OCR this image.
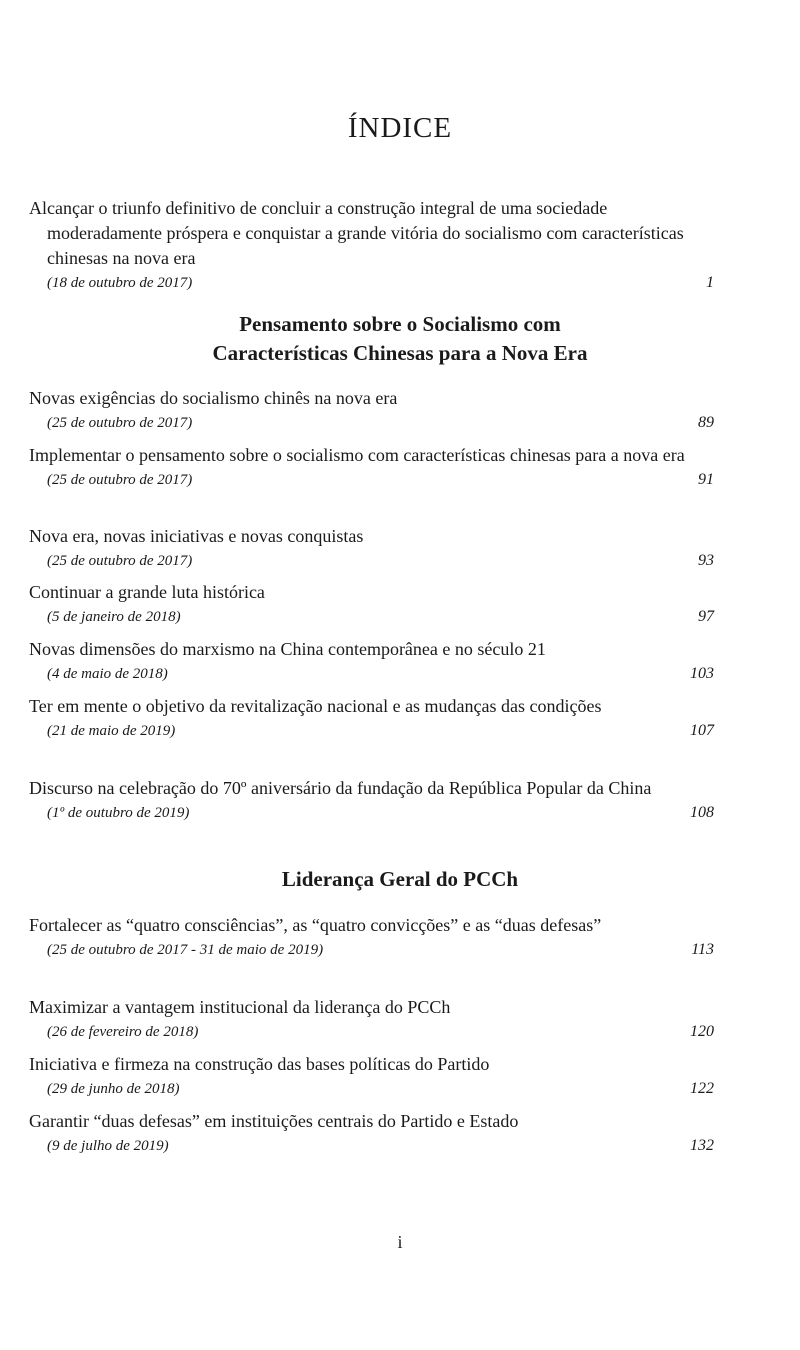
ÍNDICE
Alcançar o triunfo definitivo de concluir a construção integral de uma sociedade moderadamente próspera e conquistar a grande vitória do socialismo com características chinesas na nova era
(18 de outubro de 2017)	1
Pensamento sobre o Socialismo com
Características Chinesas para a Nova Era
Novas exigências do socialismo chinês na nova era
(25 de outubro de 2017)	89
Implementar o pensamento sobre o socialismo com características chinesas para a nova era
(25 de outubro de 2017)	91
Nova era, novas iniciativas e novas conquistas
(25 de outubro de 2017)	93
Continuar a grande luta histórica
(5 de janeiro de 2018)	97
Novas dimensões do marxismo na China contemporânea e no século 21
(4 de maio de 2018)	103
Ter em mente o objetivo da revitalização nacional e as mudanças das condições
(21 de maio de 2019)	107
Discurso na celebração do 70º aniversário da fundação da República Popular da China
(1º de outubro de 2019)	108
Liderança Geral do PCCh
Fortalecer as “quatro consciências”, as “quatro convicções” e as “duas defesas”
(25 de outubro de 2017 - 31 de maio de 2019)	113
Maximizar a vantagem institucional da liderança do PCCh
(26 de fevereiro de 2018)	120
Iniciativa e firmeza na construção das bases políticas do Partido
(29 de junho de 2018)	122
Garantir “duas defesas” em instituições centrais do Partido e Estado
(9 de julho de 2019)	132
i
